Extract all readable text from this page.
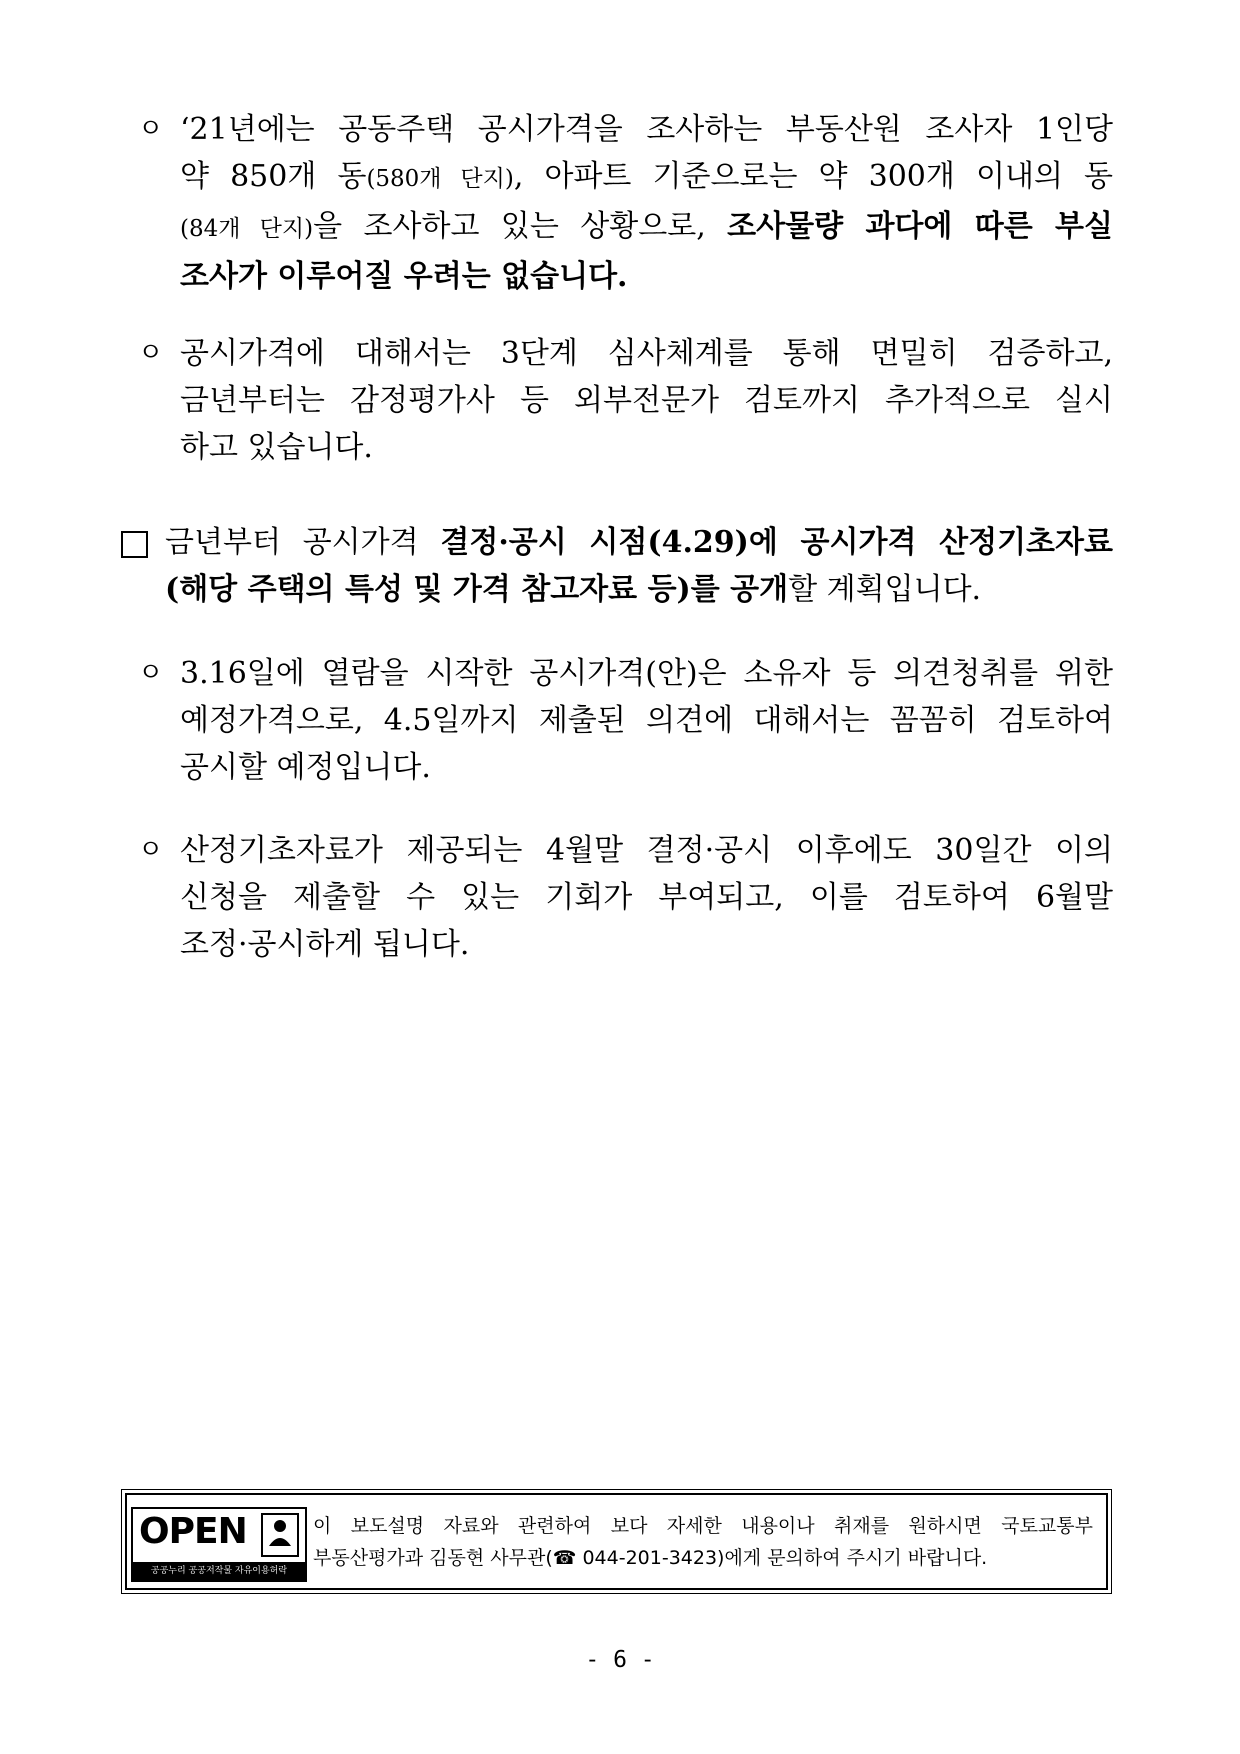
ㅇ ‘21년에는 공동주택 공시가격을 조사하는 부동산원 조사자 1인당
약 850개 동(580개 단지), 아파트 기준으로는 약 300개 이내의 동
(84개 단지)을 조사하고 있는 상황으로, 조사물량 과다에 따른 부실
조사가 이루어질 우려는 없습니다.
ㅇ 공시가격에 대해서는 3단계 심사체계를 통해 면밀히 검증하고,
금년부터는 감정평가사 등 외부전문가 검토까지 추가적으로 실시
하고 있습니다.
금년부터 공시가격 결정·공시 시점(4.29)에 공시가격 산정기초자료
(해당 주택의 특성 및 가격 참고자료 등)를 공개할 계획입니다.
ㅇ 3.16일에 열람을 시작한 공시가격(안)은 소유자 등 의견청취를 위한
예정가격으로, 4.5일까지 제출된 의견에 대해서는 꼼꼼히 검토하여
공시할 예정입니다.
ㅇ 산정기초자료가 제공되는 4월말 결정·공시 이후에도 30일간 이의
신청을 제출할 수 있는 기회가 부여되고, 이를 검토하여 6월말
조정·공시하게 됩니다.
OPEN
공공누리 공공저작물 자유이용허락
이 보도설명 자료와 관련하여 보다 자세한 내용이나 취재를 원하시면 국토교통부
부동산평가과 김동현 사무관(☎ 044-201-3423)에게 문의하여 주시기 바랍니다.
- 6 -
